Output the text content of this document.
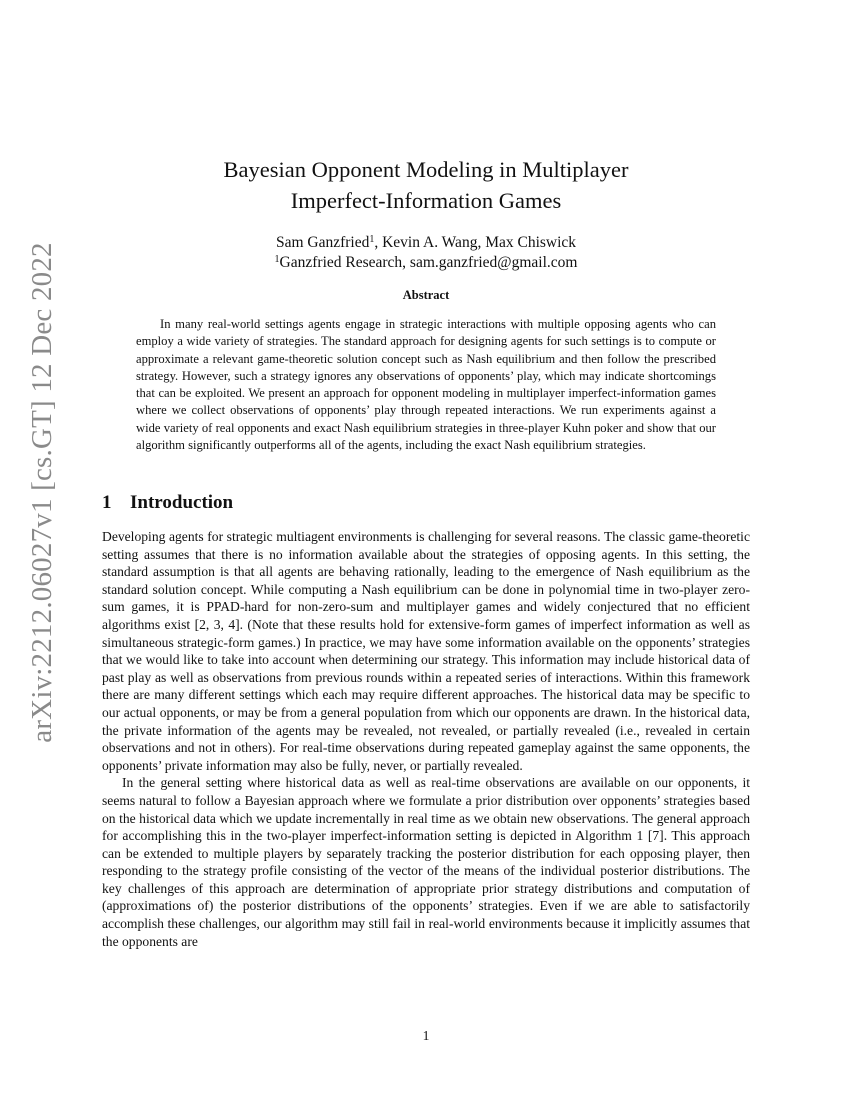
arXiv:2212.06027v1 [cs.GT] 12 Dec 2022
Bayesian Opponent Modeling in Multiplayer
Imperfect-Information Games
Sam Ganzfried$^1$, Kevin A. Wang, Max Chiswick
$^1$Ganzfried Research, sam.ganzfried@gmail.com
Abstract

In many real-world settings agents engage in strategic interactions with multiple opposing agents who can employ a wide variety of strategies. The standard approach for designing agents for such settings is to compute or approximate a relevant game-theoretic solution concept such as Nash equilibrium and then follow the prescribed strategy. However, such a strategy ignores any observations of opponents’ play, which may indicate shortcomings that can be exploited. We present an approach for opponent modeling in multiplayer imperfect-information games where we collect observations of opponents’ play through repeated interactions. We run experiments against a wide variety of real opponents and exact Nash equilibrium strategies in three-player Kuhn poker and show that our algorithm significantly outperforms all of the agents, including the exact Nash equilibrium strategies.

1 Introduction

Developing agents for strategic multiagent environments is challenging for several reasons. The classic game-theoretic setting assumes that there is no information available about the strategies of opposing agents. In this setting, the standard assumption is that all agents are behaving rationally, leading to the emergence of Nash equilibrium as the standard solution concept. While computing a Nash equilibrium can be done in polynomial time in two-player zero-sum games, it is PPAD-hard for non-zero-sum and multiplayer games and widely conjectured that no efficient algorithms exist [2, 3, 4]. (Note that these results hold for extensive-form games of imperfect information as well as simultaneous strategic-form games.) In practice, we may have some information available on the opponents’ strategies that we would like to take into account when determining our strategy. This information may include historical data of past play as well as observations from previous rounds within a repeated series of interactions. Within this framework there are many different settings which each may require different approaches. The historical data may be specific to our actual opponents, or may be from a general population from which our opponents are drawn. In the historical data, the private information of the agents may be revealed, not revealed, or partially revealed (i.e., revealed in certain observations and not in others). For real-time observations during repeated gameplay against the same opponents, the opponents’ private information may also be fully, never, or partially revealed.

In the general setting where historical data as well as real-time observations are available on our opponents, it seems natural to follow a Bayesian approach where we formulate a prior distribution over opponents’ strategies based on the historical data which we update incrementally in real time as we obtain new observations. The general approach for accomplishing this in the two-player imperfect-information setting is depicted in Algorithm 1 [7]. This approach can be extended to multiple players by separately tracking the posterior distribution for each opposing player, then responding to the strategy profile consisting of the vector of the means of the individual posterior distributions. The key challenges of this approach are determination of appropriate prior strategy distributions and computation of (approximations of) the posterior distributions of the opponents’ strategies. Even if we are able to satisfactorily accomplish these challenges, our algorithm may still fail in real-world environments because it implicitly assumes that the opponents are

1
